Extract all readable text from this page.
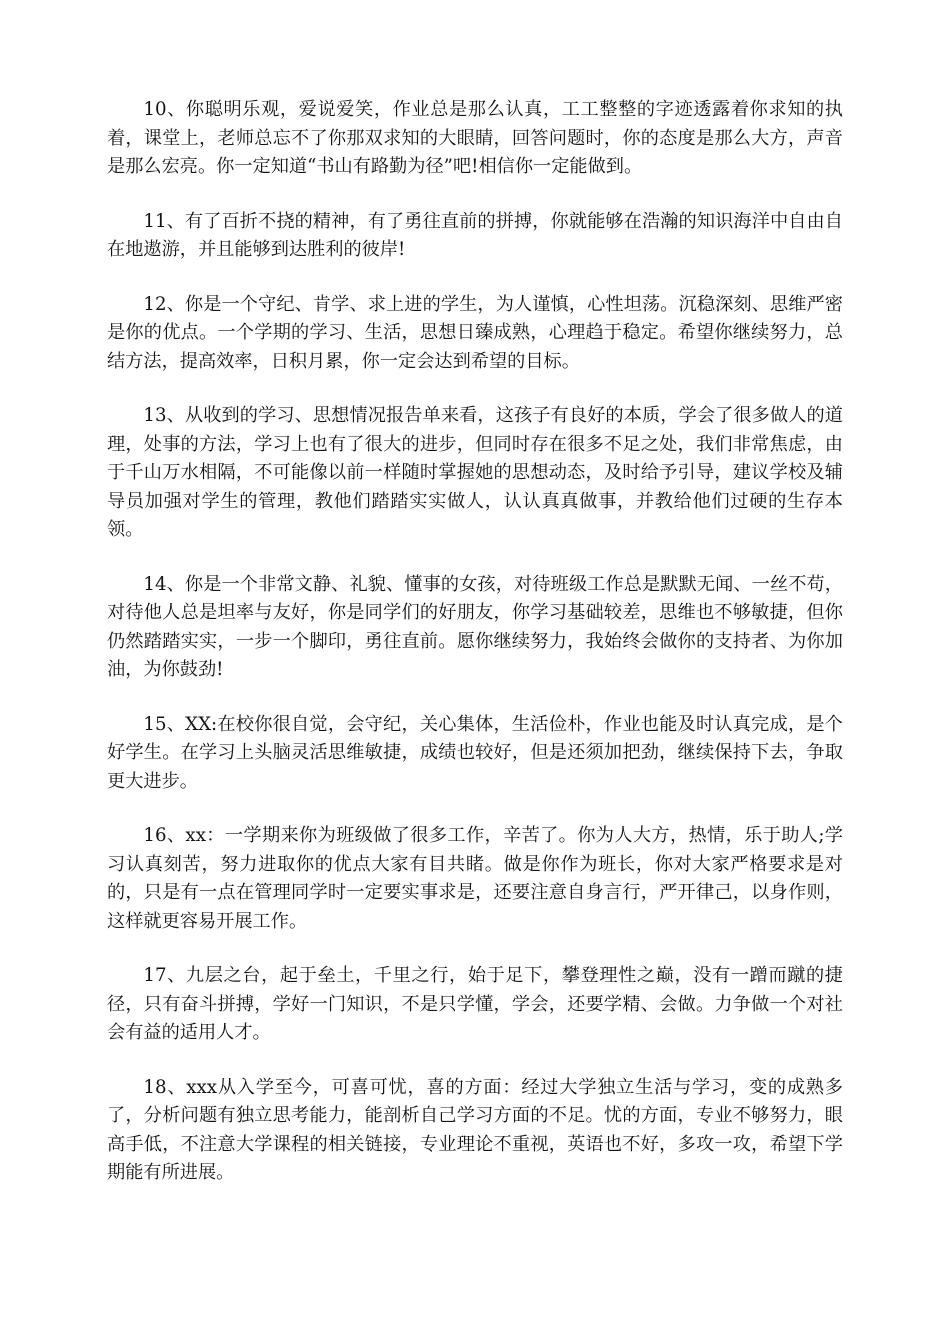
10、你聪明乐观，爱说爱笑，作业总是那么认真，工工整整的字迹透露着你求知的执着，课堂上，老师总忘不了你那双求知的大眼睛，回答问题时，你的态度是那么大方，声音是那么宏亮。你一定知道“书山有路勤为径”吧!相信你一定能做到。

11、有了百折不挠的精神，有了勇往直前的拼搏，你就能够在浩瀚的知识海洋中自由自在地遨游，并且能够到达胜利的彼岸!

12、你是一个守纪、肯学、求上进的学生，为人谨慎，心性坦荡。沉稳深刻、思维严密是你的优点。一个学期的学习、生活，思想日臻成熟，心理趋于稳定。希望你继续努力，总结方法，提高效率，日积月累，你一定会达到希望的目标。

13、从收到的学习、思想情况报告单来看，这孩子有良好的本质，学会了很多做人的道理，处事的方法，学习上也有了很大的进步，但同时存在很多不足之处，我们非常焦虑，由于千山万水相隔，不可能像以前一样随时掌握她的思想动态，及时给予引导，建议学校及辅导员加强对学生的管理，教他们踏踏实实做人，认认真真做事，并教给他们过硬的生存本领。

14、你是一个非常文静、礼貌、懂事的女孩，对待班级工作总是默默无闻、一丝不苟，对待他人总是坦率与友好，你是同学们的好朋友，你学习基础较差，思维也不够敏捷，但你仍然踏踏实实，一步一个脚印，勇往直前。愿你继续努力，我始终会做你的支持者、为你加油，为你鼓劲!

15、XX:在校你很自觉，会守纪，关心集体，生活俭朴，作业也能及时认真完成，是个好学生。在学习上头脑灵活思维敏捷，成绩也较好，但是还须加把劲，继续保持下去，争取更大进步。

16、xx：一学期来你为班级做了很多工作，辛苦了。你为人大方，热情，乐于助人;学习认真刻苦，努力进取你的优点大家有目共睹。做是你作为班长，你对大家严格要求是对的，只是有一点在管理同学时一定要实事求是，还要注意自身言行，严开律己，以身作则，这样就更容易开展工作。

17、九层之台，起于垒土，千里之行，始于足下，攀登理性之巅，没有一蹭而蹴的捷径，只有奋斗拼搏，学好一门知识，不是只学懂，学会，还要学精、会做。力争做一个对社会有益的适用人才。

18、xxx从入学至今，可喜可忧，喜的方面：经过大学独立生活与学习，变的成熟多了，分析问题有独立思考能力，能剖析自己学习方面的不足。忧的方面，专业不够努力，眼高手低，不注意大学课程的相关链接，专业理论不重视，英语也不好，多攻一攻，希望下学期能有所进展。
